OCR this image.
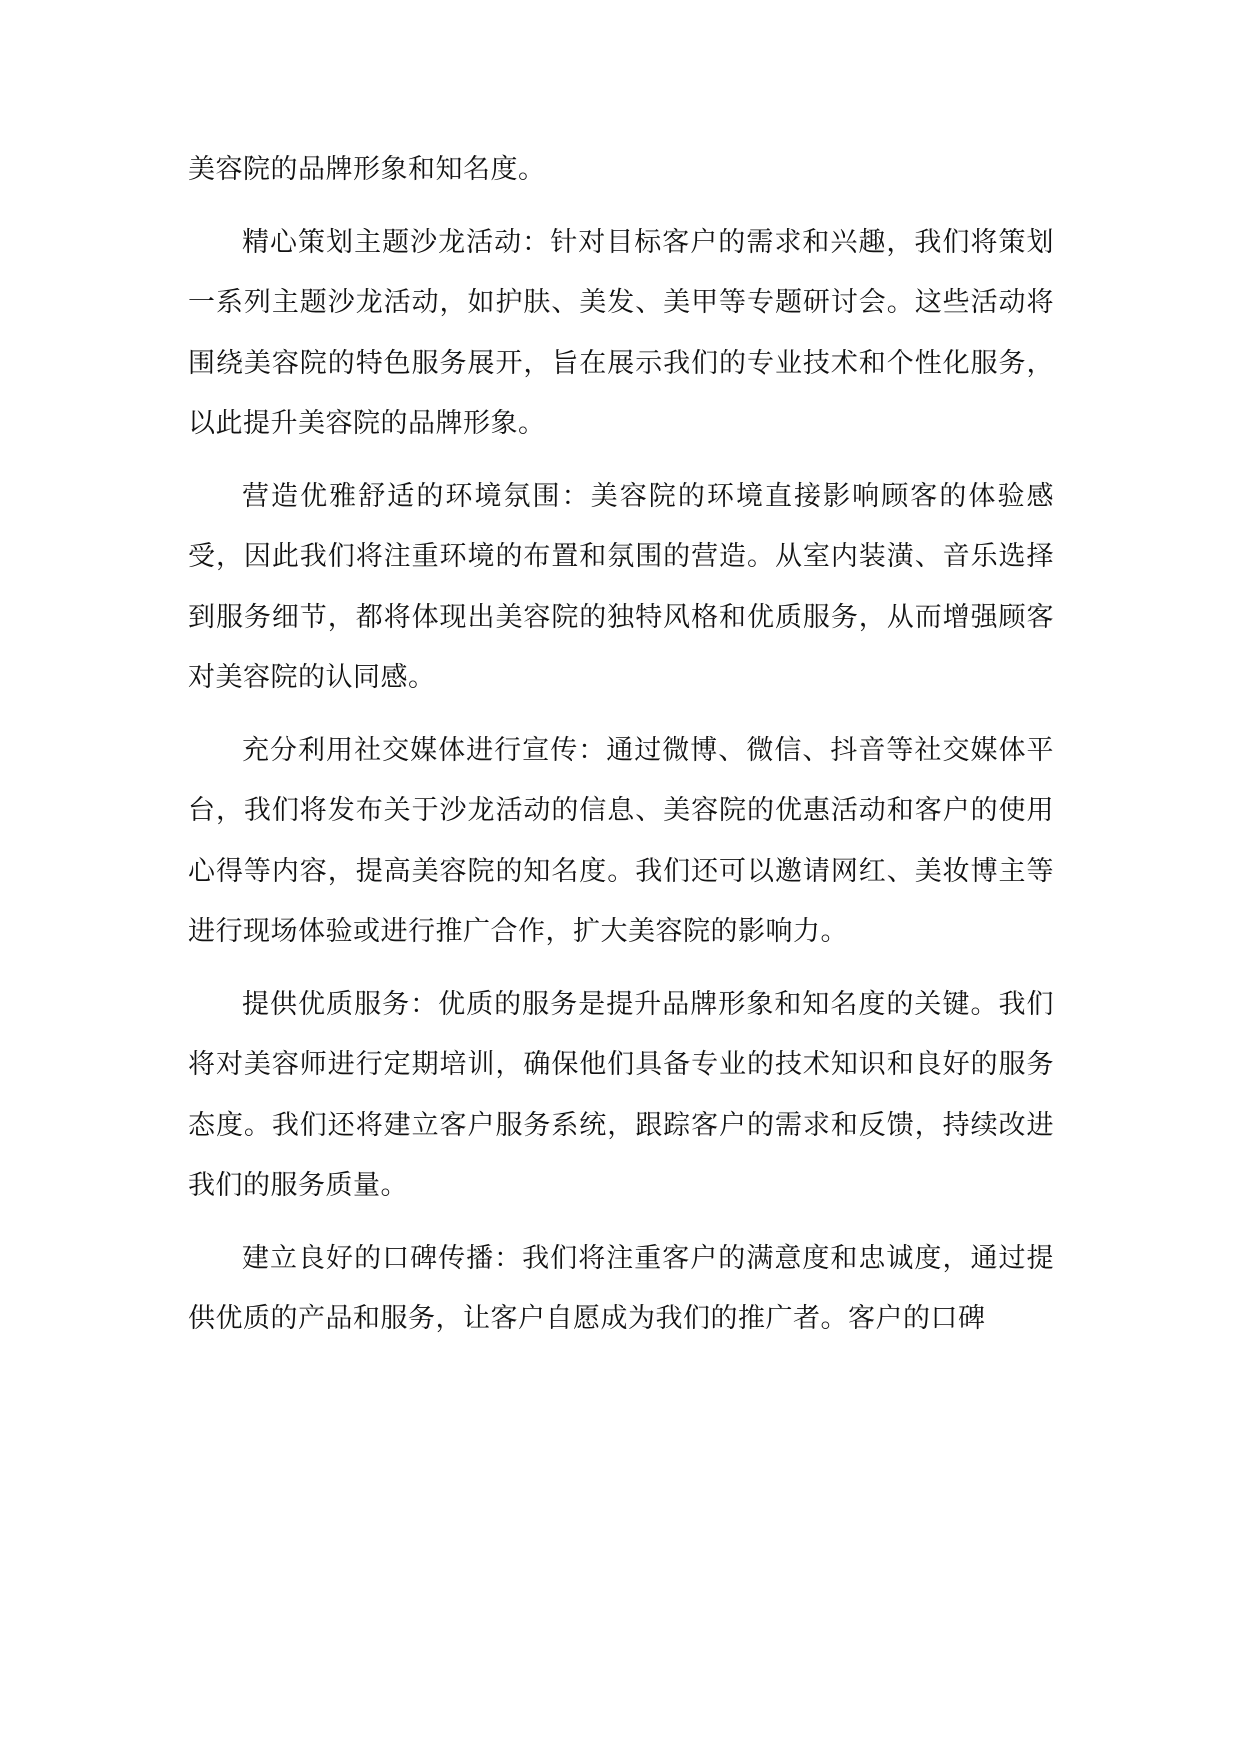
美容院的品牌形象和知名度。

精心策划主题沙龙活动：针对目标客户的需求和兴趣，我们将策划一系列主题沙龙活动，如护肤、美发、美甲等专题研讨会。这些活动将围绕美容院的特色服务展开，旨在展示我们的专业技术和个性化服务，以此提升美容院的品牌形象。

营造优雅舒适的环境氛围：美容院的环境直接影响顾客的体验感受，因此我们将注重环境的布置和氛围的营造。从室内装潢、音乐选择到服务细节，都将体现出美容院的独特风格和优质服务，从而增强顾客对美容院的认同感。

充分利用社交媒体进行宣传：通过微博、微信、抖音等社交媒体平台，我们将发布关于沙龙活动的信息、美容院的优惠活动和客户的使用心得等内容，提高美容院的知名度。我们还可以邀请网红、美妆博主等进行现场体验或进行推广合作，扩大美容院的影响力。

提供优质服务：优质的服务是提升品牌形象和知名度的关键。我们将对美容师进行定期培训，确保他们具备专业的技术知识和良好的服务态度。我们还将建立客户服务系统，跟踪客户的需求和反馈，持续改进我们的服务质量。

建立良好的口碑传播：我们将注重客户的满意度和忠诚度，通过提供优质的产品和服务，让客户自愿成为我们的推广者。客户的口碑
